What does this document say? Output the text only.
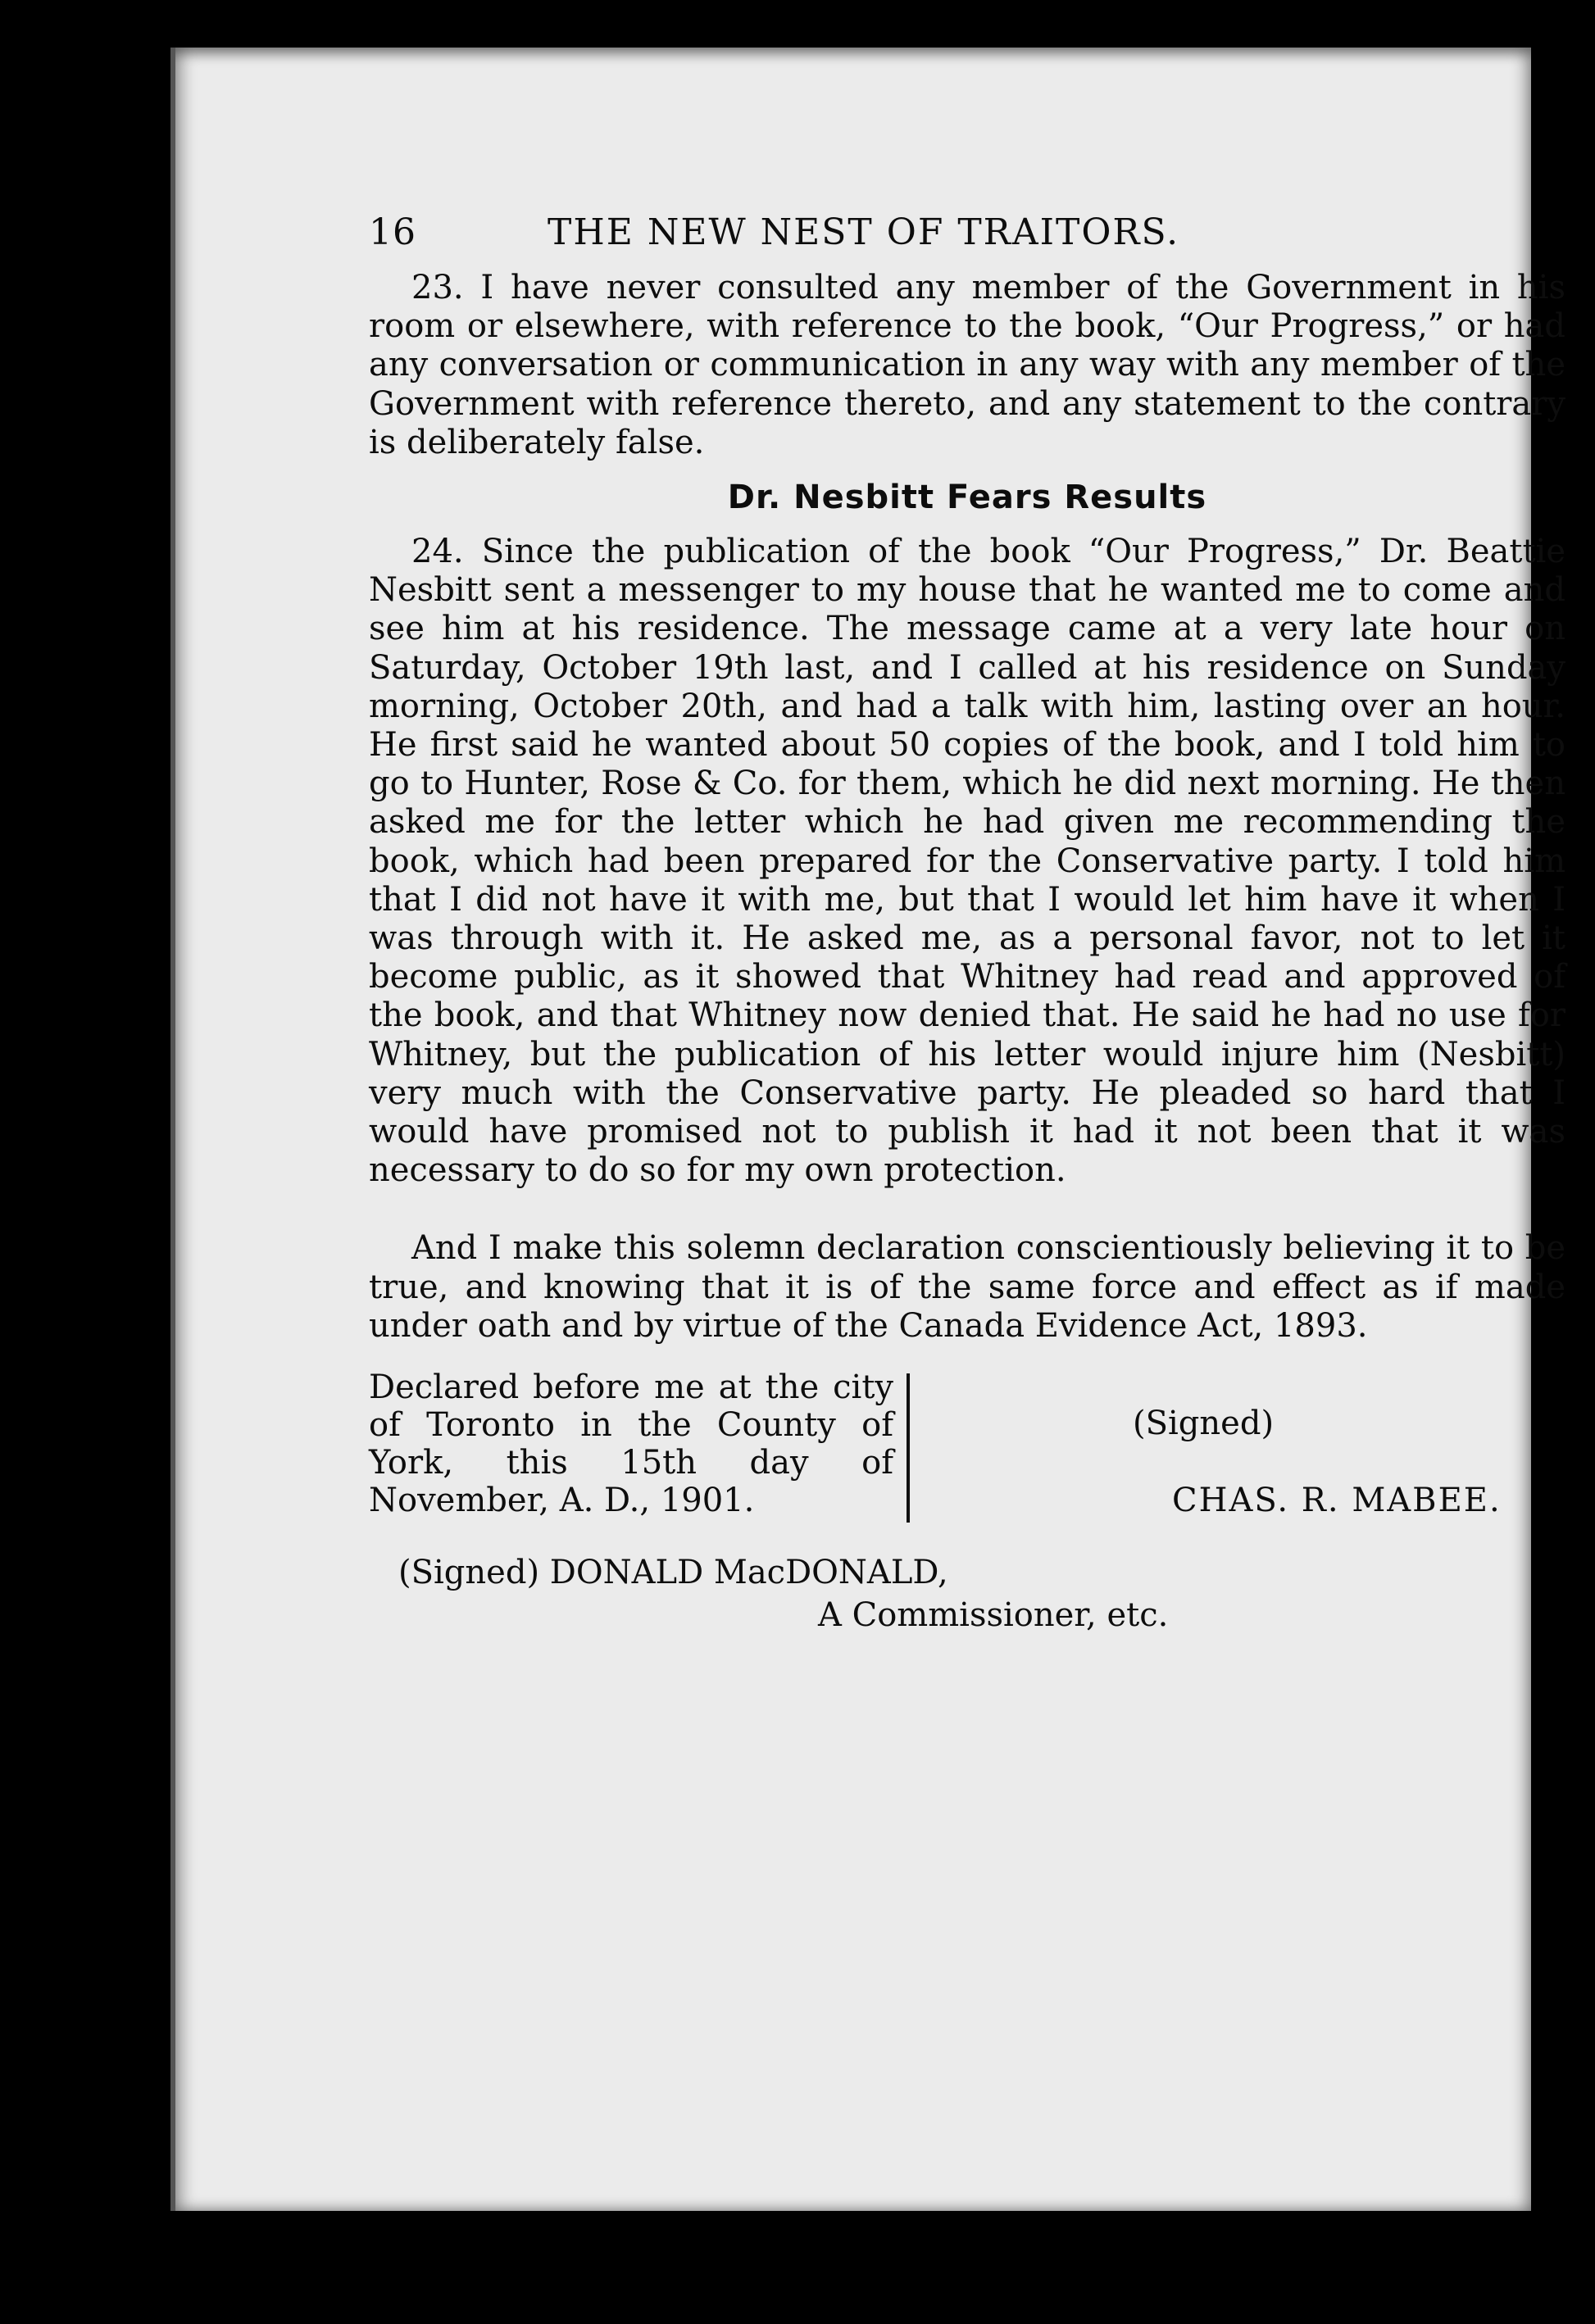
16	THE NEW NEST OF TRAITORS.

23. I have never consulted any member of the Government in his room or elsewhere, with reference to the book, “Our Progress,” or had any conversation or communication in any way with any member of the Government with reference thereto, and any statement to the contrary is deliberately false.

Dr. Nesbitt Fears Results

24. Since the publication of the book “Our Progress,” Dr. Beattie Nesbitt sent a messenger to my house that he wanted me to come and see him at his residence. The message came at a very late hour on Saturday, October 19th last, and I called at his residence on Sunday morning, October 20th, and had a talk with him, lasting over an hour. He first said he wanted about 50 copies of the book, and I told him to go to Hunter, Rose & Co. for them, which he did next morning. He then asked me for the letter which he had given me recommending the book, which had been prepared for the Conservative party. I told him that I did not have it with me, but that I would let him have it when I was through with it. He asked me, as a personal favor, not to let it become public, as it showed that Whitney had read and approved of the book, and that Whitney now denied that. He said he had no use for Whitney, but the publication of his letter would injure him (Nesbitt) very much with the Conservative party. He pleaded so hard that I would have promised not to publish it had it not been that it was necessary to do so for my own protection.

And I make this solemn declaration conscientiously believing it to be true, and knowing that it is of the same force and effect as if made under oath and by virtue of the Canada Evidence Act, 1893.

Declared before me at the city of Toronto in the County of York, this 15th day of November, A. D., 1901.
(Signed)
CHAS. R. MABEE.
(Signed) DONALD MacDONALD,
A Commissioner, etc.
